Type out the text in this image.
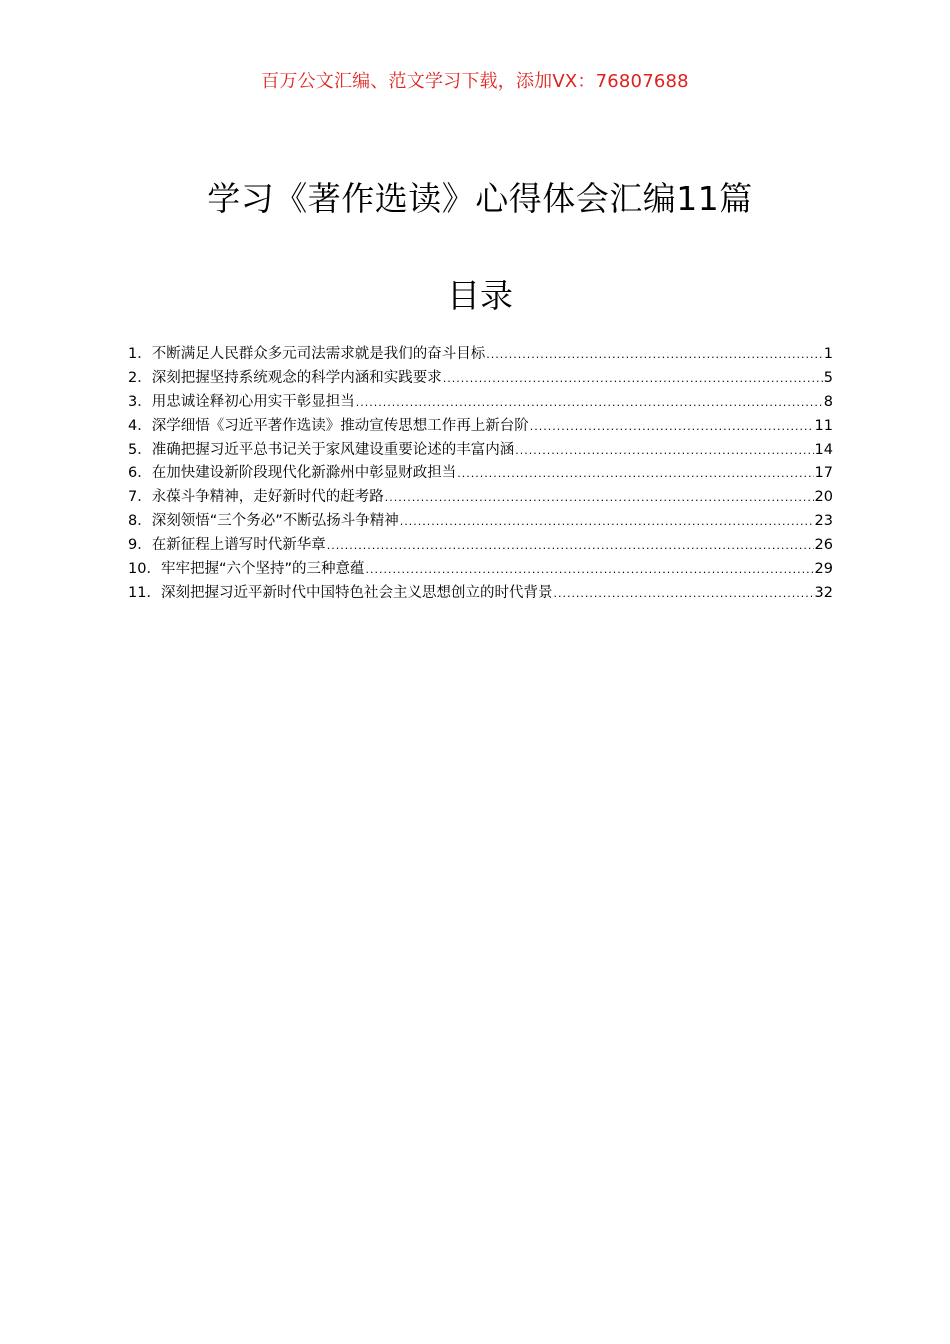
百万公文汇编、范文学习下载，添加VX：76807688
学习《著作选读》心得体会汇编11篇
目录
1．不断满足人民群众多元司法需求就是我们的奋斗目标 .....	1
2．深刻把握坚持系统观念的科学内涵和实践要求 .....	5
3．用忠诚诠释初心用实干彰显担当 .....	8
4．深学细悟《习近平著作选读》推动宣传思想工作再上新台阶 .....	11
5．准确把握习近平总书记关于家风建设重要论述的丰富内涵 .....	14
6．在加快建设新阶段现代化新滁州中彰显财政担当 .....	17
7．永葆斗争精神，走好新时代的赶考路 .....	20
8．深刻领悟“三个务必”不断弘扬斗争精神 .....	23
9．在新征程上谱写时代新华章 .....	26
10．牢牢把握“六个坚持”的三种意蕴 .....	29
11．深刻把握习近平新时代中国特色社会主义思想创立的时代背景 .....	32
